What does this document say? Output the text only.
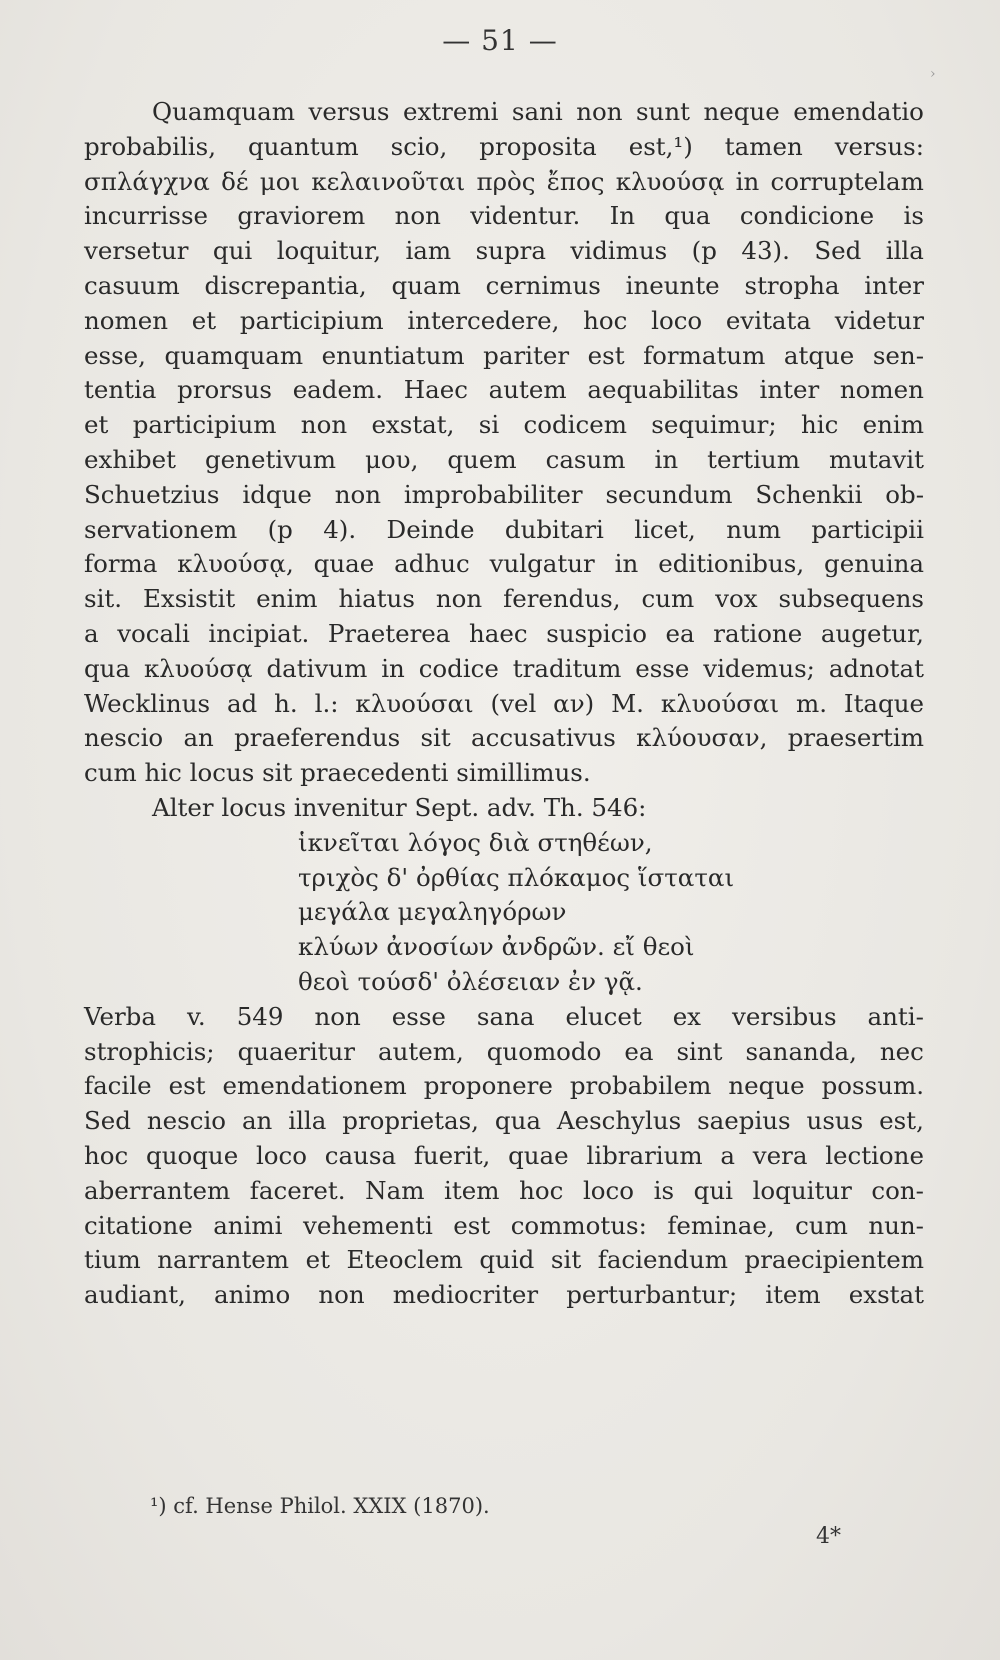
— 51 —
›
Quamquam versus extremi sani non sunt neque emendatio
probabilis, quantum scio, proposita est,¹) tamen versus:
σπλάγχνα δέ μοι κελαινοῦται πρὸς ἔπος κλυούσᾳ in corruptelam
incurrisse graviorem non videntur. In qua condicione is
versetur qui loquitur, iam supra vidimus (p 43). Sed illa
casuum discrepantia, quam cernimus ineunte stropha inter
nomen et participium intercedere, hoc loco evitata videtur
esse, quamquam enuntiatum pariter est formatum atque sen-
tentia prorsus eadem. Haec autem aequabilitas inter nomen
et participium non exstat, si codicem sequimur; hic enim
exhibet genetivum μου, quem casum in tertium mutavit
Schuetzius idque non improbabiliter secundum Schenkii ob-
servationem (p 4). Deinde dubitari licet, num participii
forma κλυούσᾳ, quae adhuc vulgatur in editionibus, genuina
sit. Exsistit enim hiatus non ferendus, cum vox subsequens
a vocali incipiat. Praeterea haec suspicio ea ratione augetur,
qua κλυούσᾳ dativum in codice traditum esse videmus; adnotat
Wecklinus ad h. l.: κλυούσαι (vel αν) M. κλυούσαι m. Itaque
nescio an praeferendus sit accusativus κλύουσαν, praesertim
cum hic locus sit praecedenti simillimus.
Alter locus invenitur Sept. adv. Th. 546:
ἱκνεῖται λόγος διὰ στηθέων,
τριχὸς δ' ὀρθίας πλόκαμος ἵσταται
μεγάλα μεγαληγόρων
κλύων ἀνοσίων ἀνδρῶν. εἴ θεοὶ
θεοὶ τούσδ' ὀλέσειαν ἐν γᾷ.
Verba v. 549 non esse sana elucet ex versibus anti-
strophicis; quaeritur autem, quomodo ea sint sananda, nec
facile est emendationem proponere probabilem neque possum.
Sed nescio an illa proprietas, qua Aeschylus saepius usus est,
hoc quoque loco causa fuerit, quae librarium a vera lectione
aberrantem faceret. Nam item hoc loco is qui loquitur con-
citatione animi vehementi est commotus: feminae, cum nun-
tium narrantem et Eteoclem quid sit faciendum praecipientem
audiant, animo non mediocriter perturbantur; item exstat
¹) cf. Hense Philol. XXIX (1870).
4*
